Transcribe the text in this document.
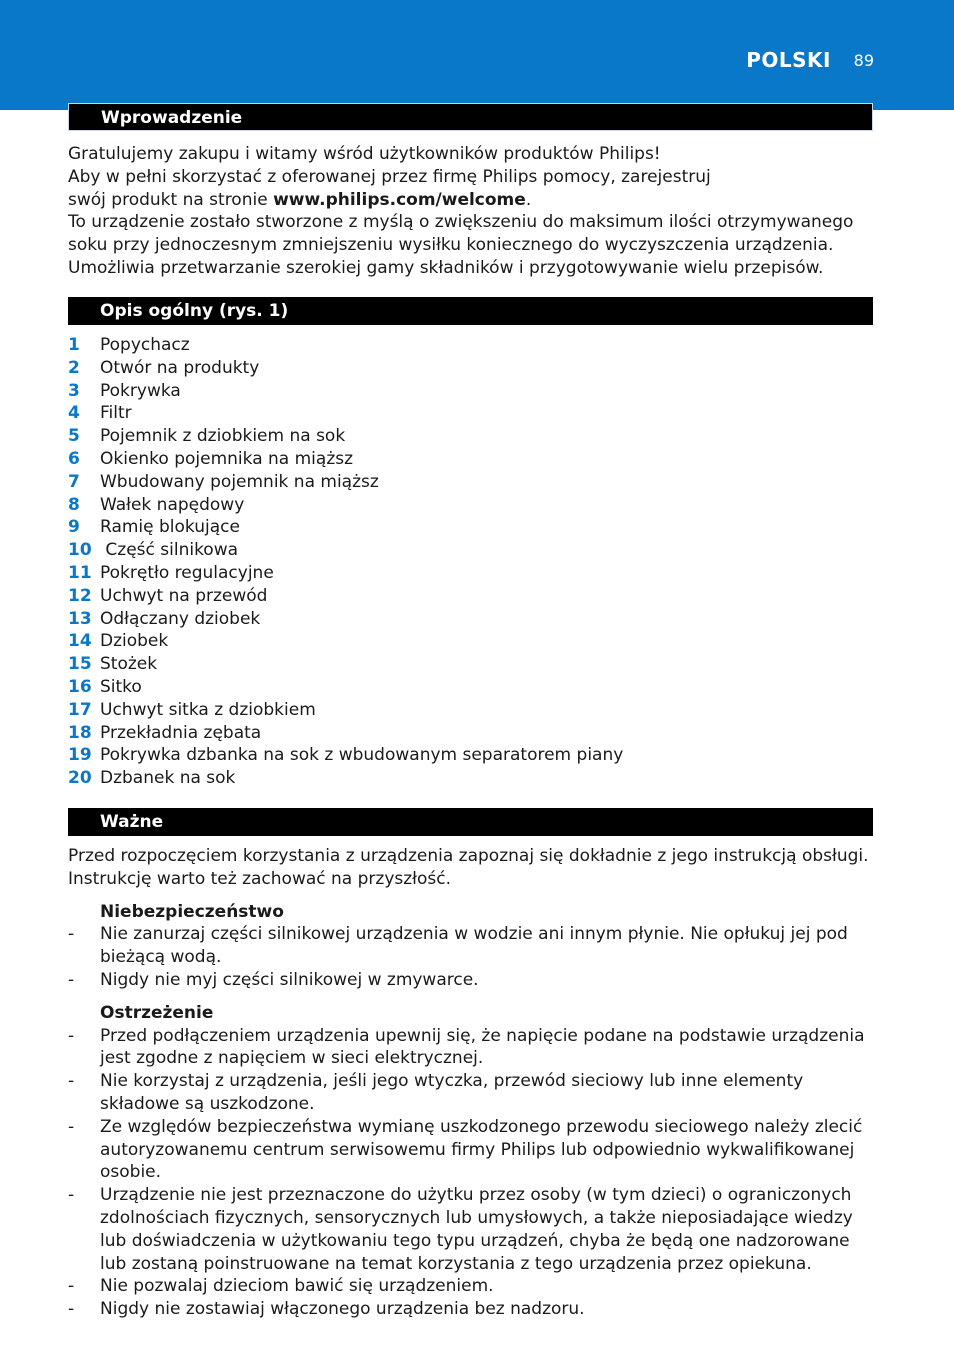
POLSKI 89
Wprowadzenie
Gratulujemy zakupu i witamy wśród użytkowników produktów Philips!
Aby w pełni skorzystać z oferowanej przez firmę Philips pomocy, zarejestruj
swój produkt na stronie www.philips.com/welcome.
To urządzenie zostało stworzone z myślą o zwiększeniu do maksimum ilości otrzymywanego soku przy jednoczesnym zmniejszeniu wysiłku koniecznego do wyczyszczenia urządzenia. Umożliwia przetwarzanie szerokiej gamy składników i przygotowywanie wielu przepisów.
Opis ogólny (rys. 1)
1	Popychacz
2	Otwór na produkty
3	Pokrywka
4	Filtr
5	Pojemnik z dziobkiem na sok
6	Okienko pojemnika na miąższ
7	Wbudowany pojemnik na miąższ
8	Wałek napędowy
9	Ramię blokujące
10 Część silnikowa
11 Pokrętło regulacyjne
12 Uchwyt na przewód
13 Odłączany dziobek
14 Dziobek
15 Stożek
16 Sitko
17 Uchwyt sitka z dziobkiem
18 Przekładnia zębata
19 Pokrywka dzbanka na sok z wbudowanym separatorem piany
20 Dzbanek na sok
Ważne
Przed rozpoczęciem korzystania z urządzenia zapoznaj się dokładnie z jego instrukcją obsługi. Instrukcję warto też zachować na przyszłość.
Niebezpieczeństwo
-	Nie zanurzaj części silnikowej urządzenia w wodzie ani innym płynie. Nie opłukuj jej pod bieżącą wodą.
-	Nigdy nie myj części silnikowej w zmywarce.
Ostrzeżenie
-	Przed podłączeniem urządzenia upewnij się, że napięcie podane na podstawie urządzenia jest zgodne z napięciem w sieci elektrycznej.
-	Nie korzystaj z urządzenia, jeśli jego wtyczka, przewód sieciowy lub inne elementy składowe są uszkodzone.
-	Ze względów bezpieczeństwa wymianę uszkodzonego przewodu sieciowego należy zlecić autoryzowanemu centrum serwisowemu firmy Philips lub odpowiednio wykwalifikowanej osobie.
-	Urządzenie nie jest przeznaczone do użytku przez osoby (w tym dzieci) o ograniczonych zdolnościach fizycznych, sensorycznych lub umysłowych, a także nieposiadające wiedzy lub doświadczenia w użytkowaniu tego typu urządzeń, chyba że będą one nadzorowane lub zostaną poinstruowane na temat korzystania z tego urządzenia przez opiekuna.
-	Nie pozwalaj dzieciom bawić się urządzeniem.
-	Nigdy nie zostawiaj włączonego urządzenia bez nadzoru.
